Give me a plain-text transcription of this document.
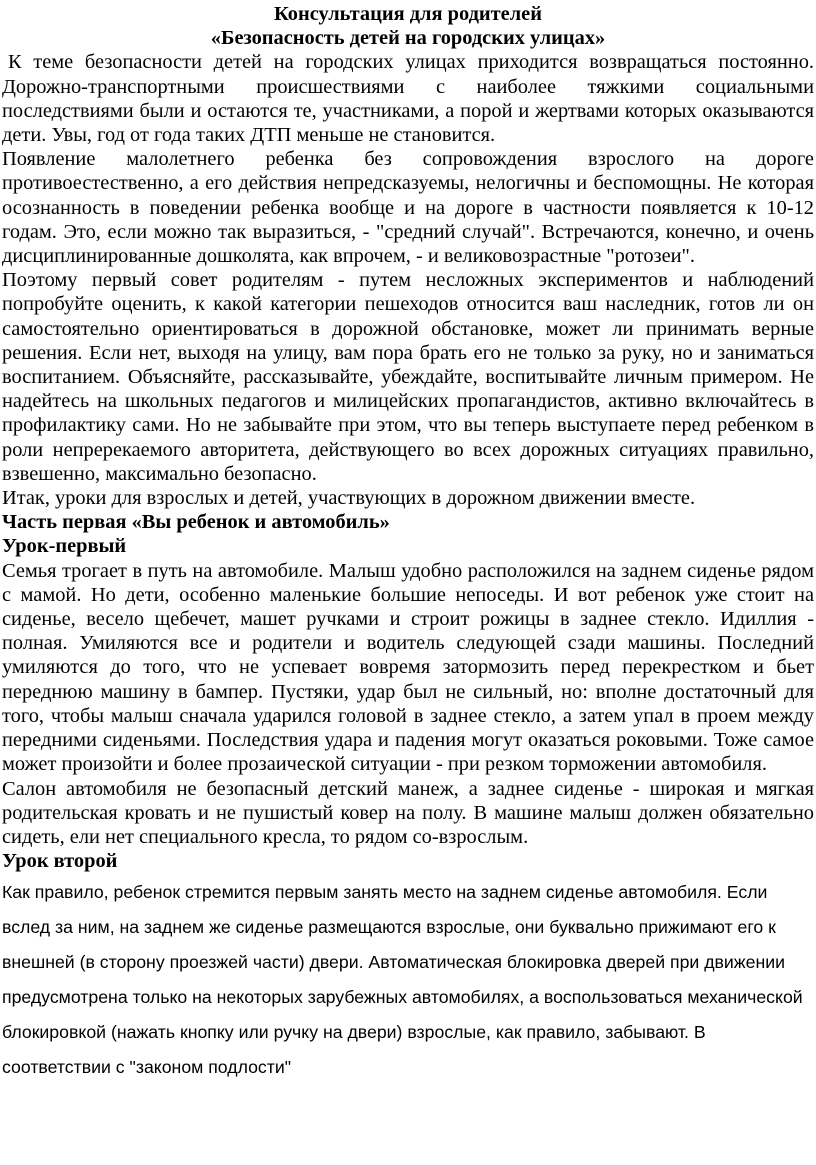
Консультация для родителей

«Безопасность детей на городских улицах»

К теме безопасности детей на городских улицах приходится возвращаться постоянно. Дорожно-транспортными происшествиями с наиболее тяжкими социальными последствиями были и остаются те, участниками, а порой и жертвами которых оказываются дети. Увы, год от года таких ДТП меньше не становится.

Появление малолетнего ребенка без сопровождения взрослого на дороге противоестественно, а его действия непредсказуемы, нелогичны и беспомощны. Не которая осознанность в поведении ребенка вообще и на дороге в частности появляется к 10-12 годам. Это, если можно так выразиться, - "средний случай". Встречаются, конечно, и очень дисциплинированные дошколята, как впрочем, - и великовозрастные "ротозеи".

Поэтому первый совет родителям - путем несложных экспериментов и наблюдений попробуйте оценить, к какой категории пешеходов относится ваш наследник, готов ли он самостоятельно ориентироваться в дорожной обстановке, может ли принимать верные решения. Если нет, выходя на улицу, вам пора брать его не только за руку, но и заниматься воспитанием. Объясняйте, рассказывайте, убеждайте, воспитывайте личным примером. Не надейтесь на школьных педагогов и милицейских пропагандистов, активно включайтесь в профилактику сами. Но не забывайте при этом, что вы теперь выступаете перед ребенком в роли непререкаемого авторитета, действующего во всех дорожных ситуациях правильно, взвешенно, максимально безопасно.

Итак, уроки для взрослых и детей, участвующих в дорожном движении вместе.

Часть первая «Вы ребенок и автомобиль»

Урок-первый

Семья трогает в путь на автомобиле. Малыш удобно расположился на заднем сиденье рядом с мамой. Но дети, особенно маленькие большие непоседы. И вот ребенок уже стоит на сиденье, весело щебечет, машет ручками и строит рожицы в заднее стекло. Идиллия - полная. Умиляются все и родители и водитель следующей сзади машины. Последний умиляются до того, что не успевает вовремя затормозить перед перекрестком и бьет переднюю машину в бампер. Пустяки, удар был не сильный, но: вполне достаточный для того, чтобы малыш сначала ударился головой в заднее стекло, а затем упал в проем между передними сиденьями. Последствия удара и падения могут оказаться роковыми. Тоже самое может произойти и более прозаической ситуации - при резком торможении автомобиля.

Салон автомобиля не безопасный детский манеж, а заднее сиденье - широкая и мягкая родительская кровать и не пушистый ковер на полу. В машине малыш должен обязательно сидеть, ели нет специального кресла, то рядом со-взрослым.

Урок второй

Как правило, ребенок стремится первым занять место на заднем сиденье автомобиля. Если вслед за ним, на заднем же сиденье размещаются взрослые, они буквально прижимают его к внешней (в сторону проезжей части) двери. Автоматическая блокировка дверей при движении предусмотрена только на некоторых зарубежных автомобилях, а воспользоваться механической блокировкой (нажать кнопку или ручку на двери) взрослые, как правило, забывают. В соответствии с "законом подлости"
